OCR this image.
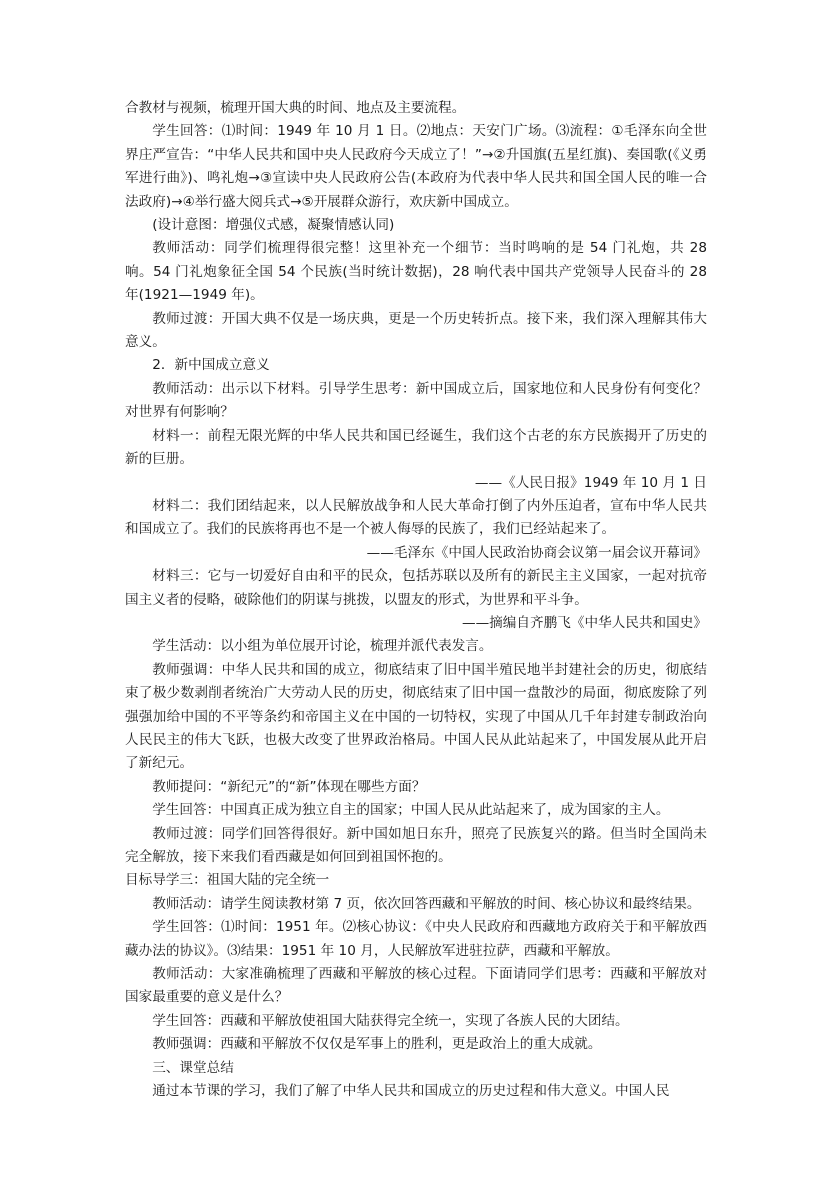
合教材与视频，梳理开国大典的时间、地点及主要流程。

学生回答：⑴时间：1949 年 10 月 1 日。⑵地点：天安门广场。⑶流程：①毛泽东向全世界庄严宣告：“中华人民共和国中央人民政府今天成立了！”→②升国旗(五星红旗)、奏国歌(《义勇军进行曲》)、鸣礼炮→③宣读中央人民政府公告(本政府为代表中华人民共和国全国人民的唯一合法政府)→④举行盛大阅兵式→⑤开展群众游行，欢庆新中国成立。

(设计意图：增强仪式感，凝聚情感认同)

教师活动：同学们梳理得很完整！这里补充一个细节：当时鸣响的是 54 门礼炮，共 28 响。54 门礼炮象征全国 54 个民族(当时统计数据)，28 响代表中国共产党领导人民奋斗的 28 年(1921—1949 年)。

教师过渡：开国大典不仅是一场庆典，更是一个历史转折点。接下来，我们深入理解其伟大意义。

2．新中国成立意义

教师活动：出示以下材料。引导学生思考：新中国成立后，国家地位和人民身份有何变化？对世界有何影响？

材料一：前程无限光辉的中华人民共和国已经诞生，我们这个古老的东方民族揭开了历史的新的巨册。

——《人民日报》1949 年 10 月 1 日

材料二：我们团结起来，以人民解放战争和人民大革命打倒了内外压迫者，宣布中华人民共和国成立了。我们的民族将再也不是一个被人侮辱的民族了，我们已经站起来了。

——毛泽东《中国人民政治协商会议第一届会议开幕词》

材料三：它与一切爱好自由和平的民众，包括苏联以及所有的新民主主义国家，一起对抗帝国主义者的侵略，破除他们的阴谋与挑拨，以盟友的形式，为世界和平斗争。

——摘编自齐鹏飞《中华人民共和国史》

学生活动：以小组为单位展开讨论，梳理并派代表发言。

教师强调：中华人民共和国的成立，彻底结束了旧中国半殖民地半封建社会的历史，彻底结束了极少数剥削者统治广大劳动人民的历史，彻底结束了旧中国一盘散沙的局面，彻底废除了列强强加给中国的不平等条约和帝国主义在中国的一切特权，实现了中国从几千年封建专制政治向人民民主的伟大飞跃，也极大改变了世界政治格局。中国人民从此站起来了，中国发展从此开启了新纪元。

教师提问：“新纪元”的“新”体现在哪些方面？

学生回答：中国真正成为独立自主的国家；中国人民从此站起来了，成为国家的主人。

教师过渡：同学们回答得很好。新中国如旭日东升，照亮了民族复兴的路。但当时全国尚未完全解放，接下来我们看西藏是如何回到祖国怀抱的。

目标导学三：祖国大陆的完全统一

教师活动：请学生阅读教材第 7 页，依次回答西藏和平解放的时间、核心协议和最终结果。

学生回答：⑴时间：1951 年。⑵核心协议：《中央人民政府和西藏地方政府关于和平解放西藏办法的协议》。⑶结果：1951 年 10 月，人民解放军进驻拉萨，西藏和平解放。

教师活动：大家准确梳理了西藏和平解放的核心过程。下面请同学们思考：西藏和平解放对国家最重要的意义是什么？

学生回答：西藏和平解放使祖国大陆获得完全统一，实现了各族人民的大团结。

教师强调：西藏和平解放不仅仅是军事上的胜利，更是政治上的重大成就。

三、课堂总结

通过本节课的学习，我们了解了中华人民共和国成立的历史过程和伟大意义。中国人民
